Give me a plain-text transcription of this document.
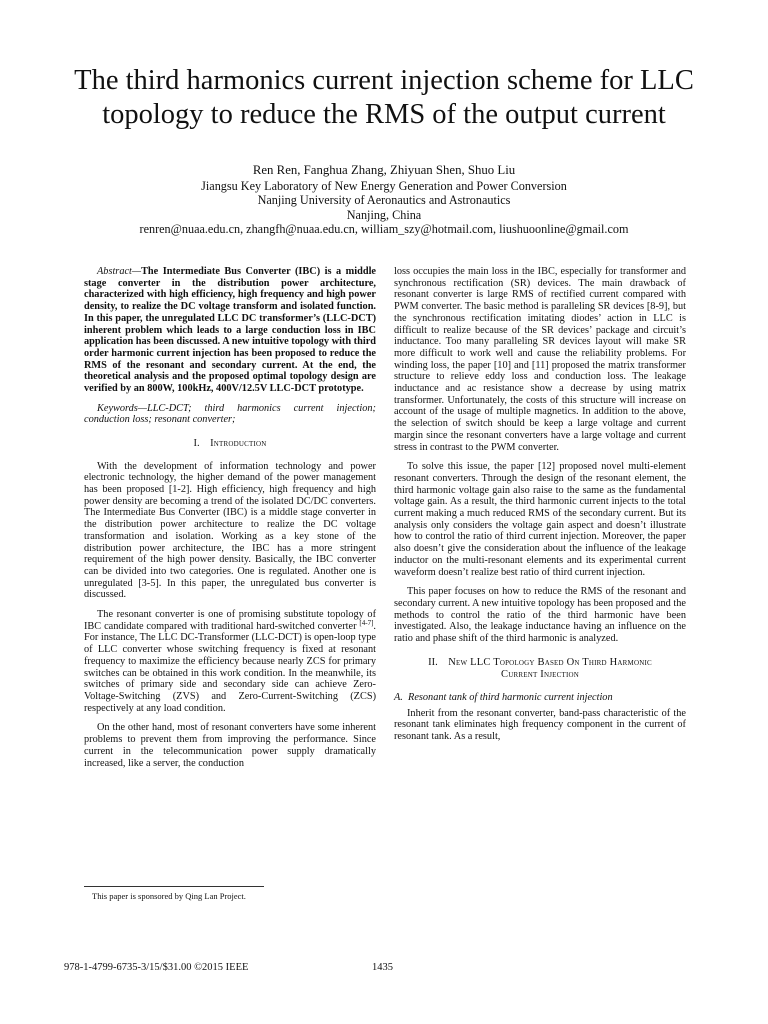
The third harmonics current injection scheme for LLC topology to reduce the RMS of the output current
Ren Ren, Fanghua Zhang, Zhiyuan Shen, Shuo Liu
Jiangsu Key Laboratory of New Energy Generation and Power Conversion
Nanjing University of Aeronautics and Astronautics
Nanjing, China
renren@nuaa.edu.cn, zhangfh@nuaa.edu.cn, william_szy@hotmail.com, liushuoonline@gmail.com

Abstract—The Intermediate Bus Converter (IBC) is a middle stage converter in the distribution power architecture, characterized with high efficiency, high frequency and high power density, to realize the DC voltage transform and isolated function. In this paper, the unregulated LLC DC transformer’s (LLC-DCT) inherent problem which leads to a large conduction loss in IBC application has been discussed. A new intuitive topology with third order harmonic current injection has been proposed to reduce the RMS of the resonant and secondary current. At the end, the theoretical analysis and the proposed optimal topology design are verified by an 800W, 100kHz, 400V/12.5V LLC-DCT prototype.

Keywords—LLC-DCT; third harmonics current injection; conduction loss; resonant converter;

I. Introduction

With the development of information technology and power electronic technology, the higher demand of the power management has been proposed [1-2]. High efficiency, high frequency and high power density are becoming a trend of the isolated DC/DC converters. The Intermediate Bus Converter (IBC) is a middle stage converter in the distribution power architecture to realize the DC voltage transformation and isolation. Working as a key stone of the distribution power architecture, the IBC has a more stringent requirement of the high power density. Basically, the IBC converter can be divided into two categories. One is regulated. Another one is unregulated [3-5]. In this paper, the unregulated bus converter is discussed.

The resonant converter is one of promising substitute topology of IBC candidate compared with traditional hard-switched converter [4-7]. For instance, The LLC DC-Transformer (LLC-DCT) is open-loop type of LLC converter whose switching frequency is fixed at resonant frequency to maximize the efficiency because nearly ZCS for primary switches can be obtained in this work condition. In the meanwhile, its switches of primary side and secondary side can achieve Zero-Voltage-Switching (ZVS) and Zero-Current-Switching (ZCS) respectively at any load condition.

On the other hand, most of resonant converters have some inherent problems to prevent them from improving the performance. Since current in the telecommunication power supply dramatically increased, like a server, the conduction

loss occupies the main loss in the IBC, especially for transformer and synchronous rectification (SR) devices. The main drawback of resonant converter is large RMS of rectified current compared with PWM converter. The basic method is paralleling SR devices [8-9], but the synchronous rectification imitating diodes’ action in LLC is difficult to realize because of the SR devices’ package and circuit’s inductance. Too many paralleling SR devices layout will make SR more difficult to work well and cause the reliability problems. For winding loss, the paper [10] and [11] proposed the matrix transformer structure to relieve eddy loss and conduction loss. The leakage inductance and ac resistance show a decrease by using matrix transformer. Unfortunately, the costs of this structure will increase on account of the usage of multiple magnetics. In addition to the above, the selection of switch should be keep a large voltage and current margin since the resonant converters have a large voltage and current stress in contrast to the PWM converter.

To solve this issue, the paper [12] proposed novel multi-element resonant converters. Through the design of the resonant element, the third harmonic voltage gain also raise to the same as the fundamental voltage gain. As a result, the third harmonic current injects to the total current making a much reduced RMS of the secondary current. But its analysis only considers the voltage gain aspect and doesn’t illustrate how to control the ratio of third current injection. Moreover, the paper also doesn’t give the consideration about the influence of the leakage inductor on the multi-resonant elements and its experimental current waveform doesn’t realize best ratio of third current injection.

This paper focuses on how to reduce the RMS of the resonant and secondary current. A new intuitive topology has been proposed and the methods to control the ratio of the third harmonic have been investigated. Also, the leakage inductance having an influence on the ratio and phase shift of the third harmonic is analyzed.

II. New LLC Topology Based On Third Harmonic
Current Injection
A. Resonant tank of third harmonic current injection

Inherit from the resonant converter, band-pass characteristic of the resonant tank eliminates high frequency component in the current of resonant tank. As a result,

This paper is sponsored by Qing Lan Project.
978-1-4799-6735-3/15/$31.00 ©2015 IEEE	1435
